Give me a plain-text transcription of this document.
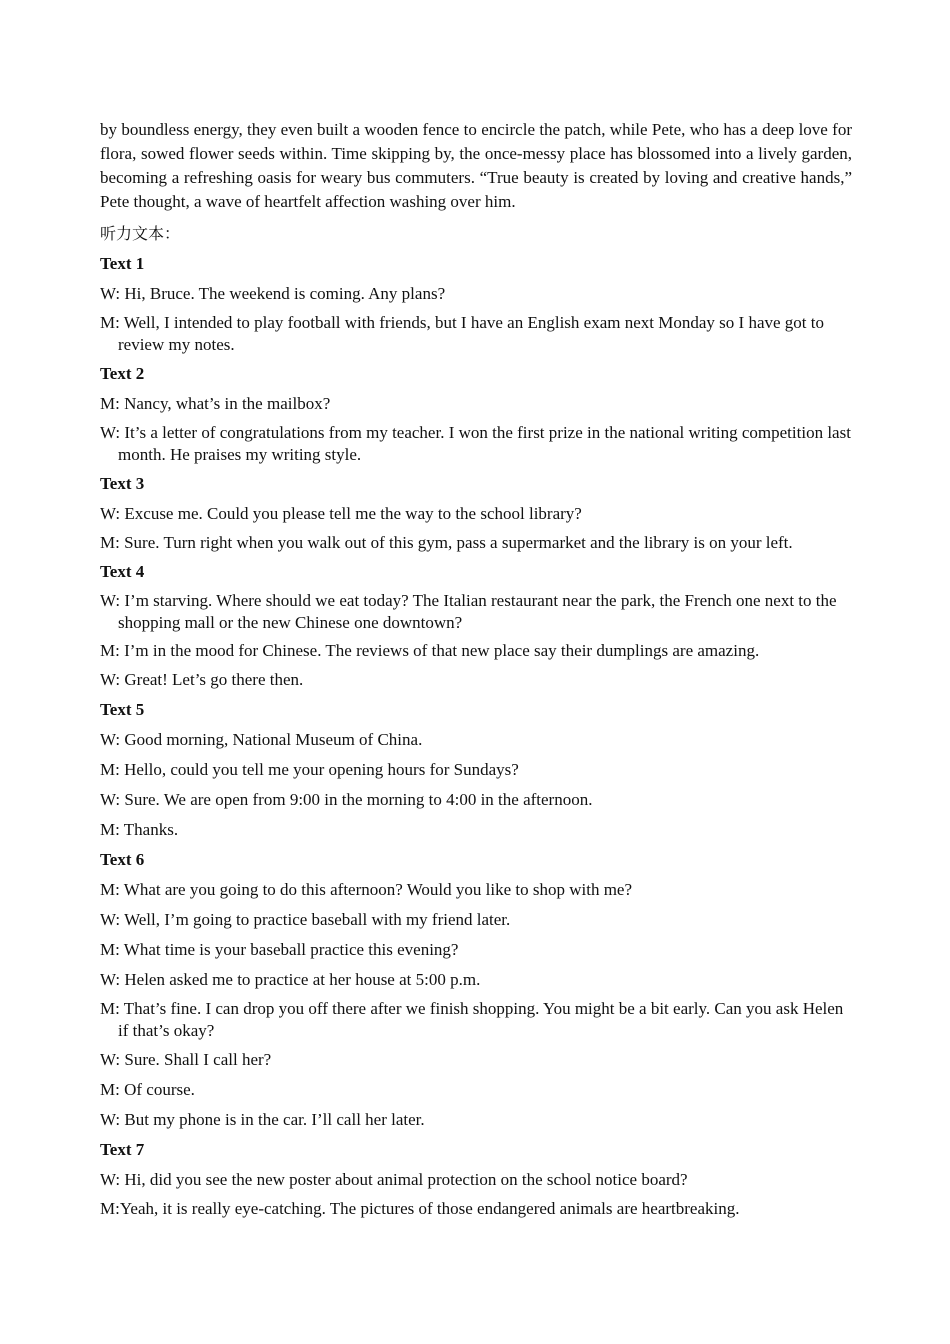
by boundless energy, they even built a wooden fence to encircle the patch, while Pete, who has a deep love for flora, sowed flower seeds within. Time skipping by, the once-messy place has blossomed into a lively garden, becoming a refreshing oasis for weary bus commuters. “True beauty is created by loving and creative hands,” Pete thought, a wave of heartfelt affection washing over him.

听力文本：
Text 1
W: Hi, Bruce. The weekend is coming. Any plans?
M: Well, I intended to play football with friends, but I have an English exam next Monday so I have got to review my notes.
Text 2
M: Nancy, what’s in the mailbox?
W: It’s a letter of congratulations from my teacher. I won the first prize in the national writing competition last month. He praises my writing style.
Text 3
W: Excuse me. Could you please tell me the way to the school library?
M: Sure. Turn right when you walk out of this gym, pass a supermarket and the library is on your left.
Text 4
W: I’m starving. Where should we eat today? The Italian restaurant near the park, the French one next to the shopping mall or the new Chinese one downtown?
M: I’m in the mood for Chinese. The reviews of that new place say their dumplings are amazing.
W: Great! Let’s go there then.
Text 5
W: Good morning, National Museum of China.
M: Hello, could you tell me your opening hours for Sundays?
W: Sure. We are open from 9:00 in the morning to 4:00 in the afternoon.
M: Thanks.
Text 6
M: What are you going to do this afternoon? Would you like to shop with me?
W: Well, I’m going to practice baseball with my friend later.
M: What time is your baseball practice this evening?
W: Helen asked me to practice at her house at 5:00 p.m.
M: That’s fine. I can drop you off there after we finish shopping. You might be a bit early. Can you ask Helen if that’s okay?
W: Sure. Shall I call her?
M: Of course.
W: But my phone is in the car. I’ll call her later.
Text 7
W: Hi, did you see the new poster about animal protection on the school notice board?
M:Yeah, it is really eye-catching. The pictures of those endangered animals are heartbreaking.
